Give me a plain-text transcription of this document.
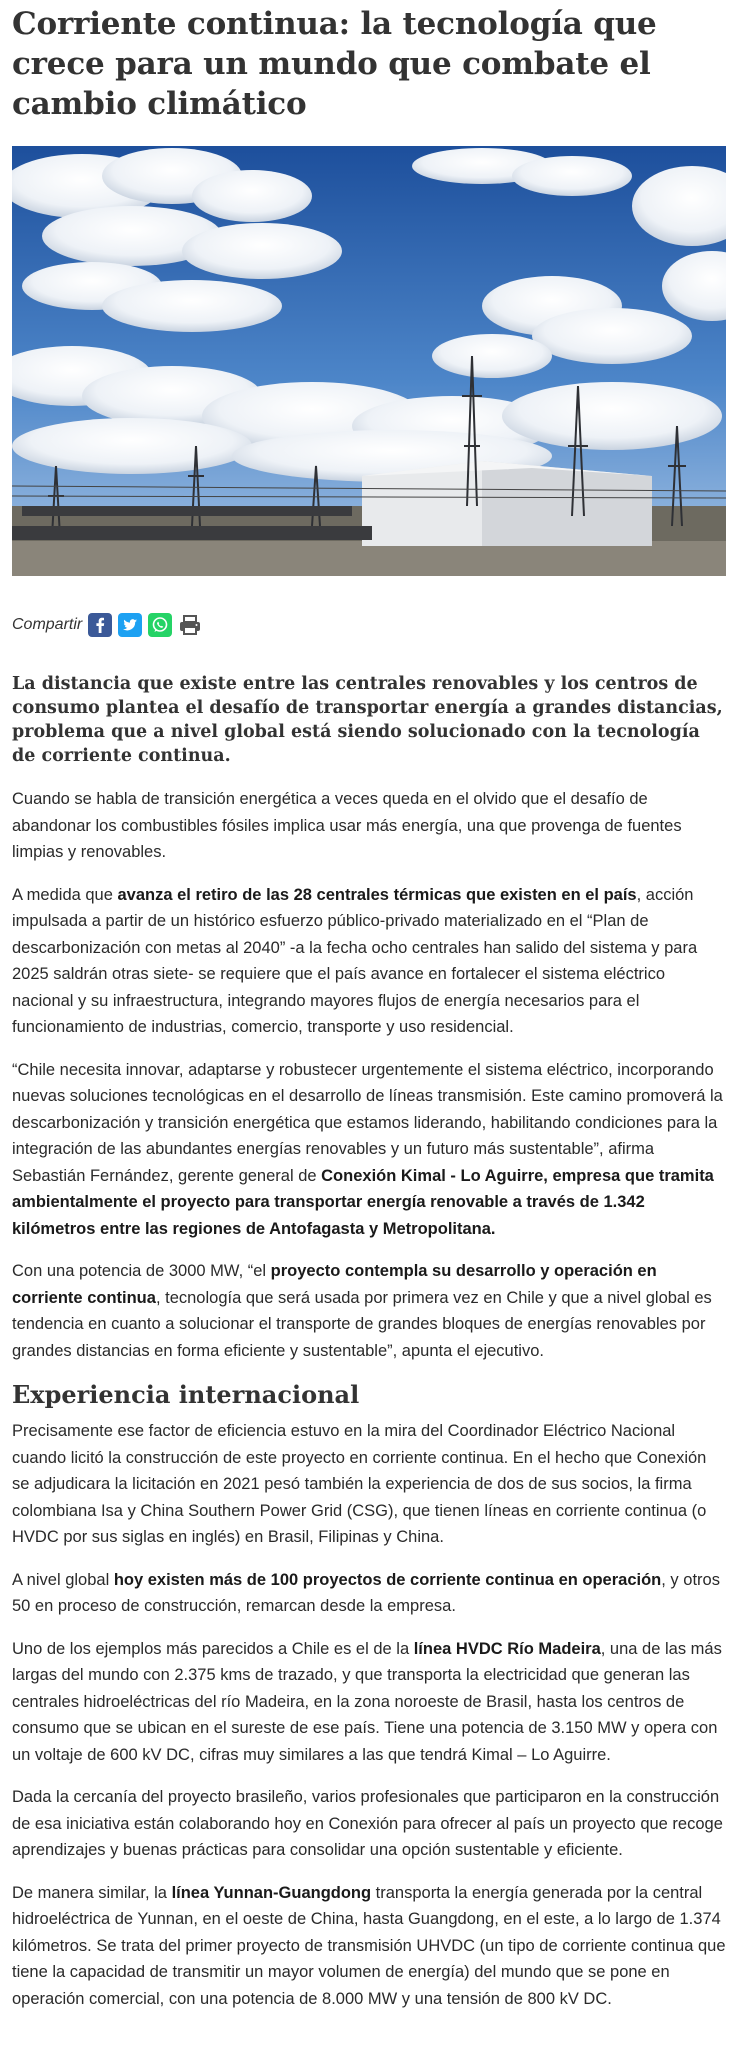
Corriente continua: la tecnología que crece para un mundo que combate el cambio climático
Compartir
La distancia que existe entre las centrales renovables y los centros de consumo plantea el desafío de transportar energía a grandes distancias, problema que a nivel global está siendo solucionado con la tecnología de corriente continua.

Cuando se habla de transición energética a veces queda en el olvido que el desafío de abandonar los combustibles fósiles implica usar más energía, una que provenga de fuentes limpias y renovables.

A medida que avanza el retiro de las 28 centrales térmicas que existen en el país, acción impulsada a partir de un histórico esfuerzo público-privado materializado en el “Plan de descarbonización con metas al 2040” -a la fecha ocho centrales han salido del sistema y para 2025 saldrán otras siete- se requiere que el país avance en fortalecer el sistema eléctrico nacional y su infraestructura, integrando mayores flujos de energía necesarios para el funcionamiento de industrias, comercio, transporte y uso residencial.

“Chile necesita innovar, adaptarse y robustecer urgentemente el sistema eléctrico, incorporando nuevas soluciones tecnológicas en el desarrollo de líneas transmisión. Este camino promoverá la descarbonización y transición energética que estamos liderando, habilitando condiciones para la integración de las abundantes energías renovables y un futuro más sustentable”, afirma Sebastián Fernández, gerente general de Conexión Kimal - Lo Aguirre, empresa que tramita ambientalmente el proyecto para transportar energía renovable a través de 1.342 kilómetros entre las regiones de Antofagasta y Metropolitana.

Con una potencia de 3000 MW, “el proyecto contempla su desarrollo y operación en corriente continua, tecnología que será usada por primera vez en Chile y que a nivel global es tendencia en cuanto a solucionar el transporte de grandes bloques de energías renovables por grandes distancias en forma eficiente y sustentable”, apunta el ejecutivo.

Experiencia internacional

Precisamente ese factor de eficiencia estuvo en la mira del Coordinador Eléctrico Nacional cuando licitó la construcción de este proyecto en corriente continua. En el hecho que Conexión se adjudicara la licitación en 2021 pesó también la experiencia de dos de sus socios, la firma colombiana Isa y China Southern Power Grid (CSG), que tienen líneas en corriente continua (o HVDC por sus siglas en inglés) en Brasil, Filipinas y China.

A nivel global hoy existen más de 100 proyectos de corriente continua en operación, y otros 50 en proceso de construcción, remarcan desde la empresa.

Uno de los ejemplos más parecidos a Chile es el de la línea HVDC Río Madeira, una de las más largas del mundo con 2.375 kms de trazado, y que transporta la electricidad que generan las centrales hidroeléctricas del río Madeira, en la zona noroeste de Brasil, hasta los centros de consumo que se ubican en el sureste de ese país. Tiene una potencia de 3.150 MW y opera con un voltaje de 600 kV DC, cifras muy similares a las que tendrá Kimal – Lo Aguirre.

Dada la cercanía del proyecto brasileño, varios profesionales que participaron en la construcción de esa iniciativa están colaborando hoy en Conexión para ofrecer al país un proyecto que recoge aprendizajes y buenas prácticas para consolidar una opción sustentable y eficiente.

De manera similar, la línea Yunnan-Guangdong transporta la energía generada por la central hidroeléctrica de Yunnan, en el oeste de China, hasta Guangdong, en el este, a lo largo de 1.374 kilómetros. Se trata del primer proyecto de transmisión UHVDC (un tipo de corriente continua que tiene la capacidad de transmitir un mayor volumen de energía) del mundo que se pone en operación comercial, con una potencia de 8.000 MW y una tensión de 800 kV DC.
